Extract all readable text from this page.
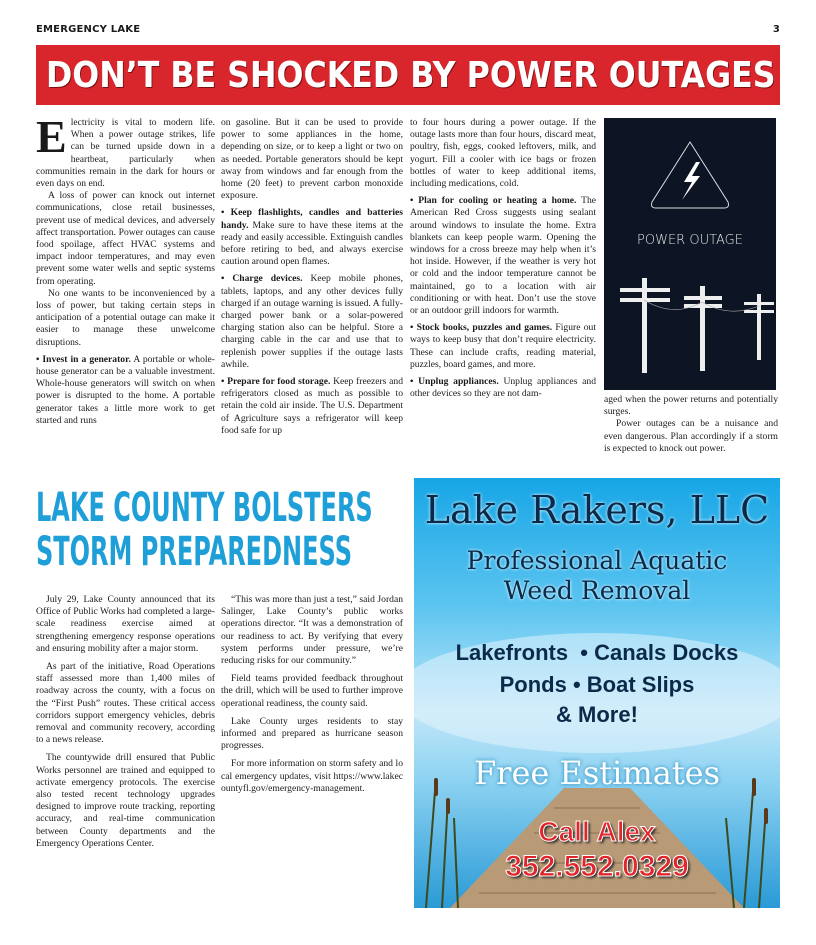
EMERGENCY LAKE	3
DON’T BE SHOCKED BY POWER OUTAGES

Electricity is vital to modern life. When a power outage strikes, life can be turned upside down in a heartbeat, particularly when communities remain in the dark for hours or even days on end.

A loss of power can knock out internet communications, close retail businesses, prevent use of medical devices, and adversely affect transportation. Power outages can cause food spoilage, affect HVAC systems and impact indoor temperatures, and may even prevent some water wells and septic systems from operating.

No one wants to be inconvenienced by a loss of power, but taking certain steps in anticipation of a potential outage can make it easier to manage these unwelcome disruptions.

• Invest in a generator. A portable or whole-house generator can be a valuable investment. Whole-house generators will switch on when power is disrupted to the home. A portable generator takes a little more work to get started and runs

on gasoline. But it can be used to provide power to some appliances in the home, depending on size, or to keep a light or two on as needed. Portable generators should be kept away from windows and far enough from the home (20 feet) to prevent carbon monoxide exposure.

• Keep flashlights, candles and batteries handy. Make sure to have these items at the ready and easily accessible. Extinguish candles before retiring to bed, and always exercise caution around open flames.

• Charge devices. Keep mobile phones, tablets, laptops, and any other devices fully charged if an outage warning is issued. A fully-charged power bank or a solar-powered charging station also can be helpful. Store a charging cable in the car and use that to replenish power supplies if the outage lasts awhile.

• Prepare for food storage. Keep freezers and refrigerators closed as much as possible to retain the cold air inside. The U.S. Department of Agriculture says a refrigerator will keep food safe for up

to four hours during a power outage. If the outage lasts more than four hours, discard meat, poultry, fish, eggs, cooked leftovers, milk, and yogurt. Fill a cooler with ice bags or frozen bottles of water to keep additional items, including medications, cold.

• Plan for cooling or heating a home. The American Red Cross suggests using sealant around windows to insulate the home. Extra blankets can keep people warm. Opening the windows for a cross breeze may help when it’s hot inside. However, if the weather is very hot or cold and the indoor temperature cannot be maintained, go to a location with air conditioning or with heat. Don’t use the stove or an outdoor grill indoors for warmth.

• Stock books, puzzles and games. Figure out ways to keep busy that don’t require electricity. These can include crafts, reading material, puzzles, board games, and more.

• Unplug appliances. Unplug appliances and other devices so they are not dam-

POWER OUTAGE

aged when the power returns and potentially surges.

Power outages can be a nuisance and even dangerous. Plan accordingly if a storm is expected to knock out power.

LAKE COUNTY BOLSTERS
STORM PREPAREDNESS

July 29, Lake County announced that its Office of Public Works had completed a large-scale readiness exercise aimed at strengthening emergency response operations and ensuring mobility after a major storm.

As part of the initiative, Road Operations staff assessed more than 1,400 miles of roadway across the county, with a focus on the “First Push” routes. These critical access corridors support emergency vehicles, debris removal and community recovery, according to a news release.

The countywide drill ensured that Public Works personnel are trained and equipped to activate emergency protocols. The exercise also tested recent technology upgrades designed to improve route tracking, reporting accuracy, and real-time communication between County departments and the Emergency Operations Center.

“This was more than just a test,” said Jordan Salinger, Lake County’s public works operations director. “It was a demonstration of our readiness to act. By verifying that every system performs under pressure, we’re reducing risks for our community.”

Field teams provided feedback throughout the drill, which will be used to further improve operational readiness, the county said.

Lake County urges residents to stay informed and prepared as hurricane season progresses.

For more information on storm safety and local emergency updates, visit https://www.lakecountyfl.gov/emergency-management.

Lake Rakers, LLC
Professional Aquatic
Weed Removal
Lakefronts  • Canals Docks
Ponds • Boat Slips
& More!
Free Estimates
Call Alex
352.552.0329
